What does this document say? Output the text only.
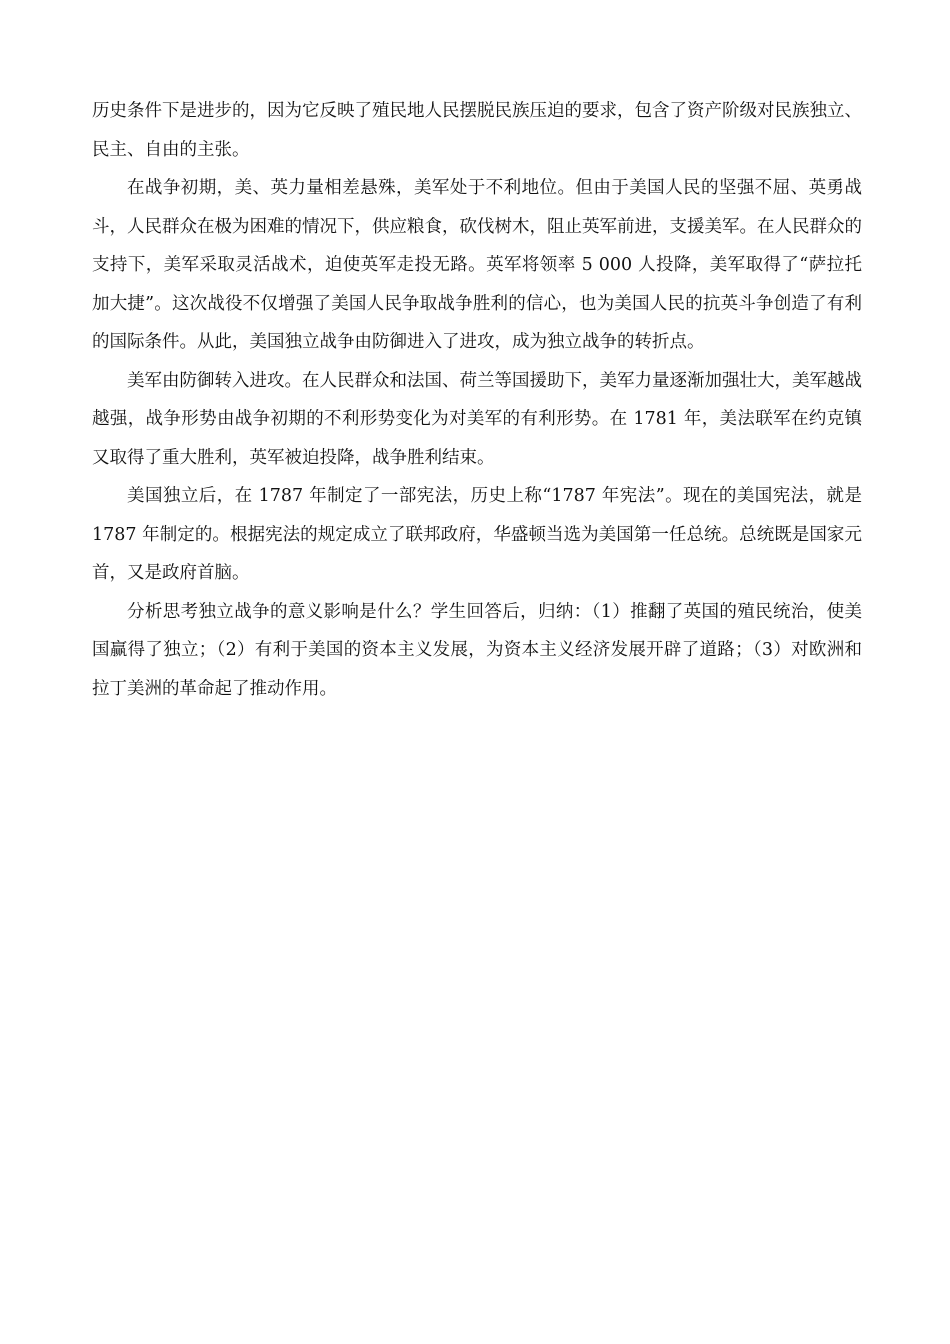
历史条件下是进步的，因为它反映了殖民地人民摆脱民族压迫的要求，包含了资产阶级对民族独立、民主、自由的主张。

在战争初期，美、英力量相差悬殊，美军处于不利地位。但由于美国人民的坚强不屈、英勇战斗，人民群众在极为困难的情况下，供应粮食，砍伐树木，阻止英军前进，支援美军。在人民群众的支持下，美军采取灵活战术，迫使英军走投无路。英军将领率 5 000 人投降，美军取得了“萨拉托加大捷”。这次战役不仅增强了美国人民争取战争胜利的信心，也为美国人民的抗英斗争创造了有利的国际条件。从此，美国独立战争由防御进入了进攻，成为独立战争的转折点。

美军由防御转入进攻。在人民群众和法国、荷兰等国援助下，美军力量逐渐加强壮大，美军越战越强，战争形势由战争初期的不利形势变化为对美军的有利形势。在 1781 年，美法联军在约克镇又取得了重大胜利，英军被迫投降，战争胜利结束。

美国独立后，在 1787 年制定了一部宪法，历史上称“1787 年宪法”。现在的美国宪法，就是 1787 年制定的。根据宪法的规定成立了联邦政府，华盛顿当选为美国第一任总统。总统既是国家元首，又是政府首脑。

分析思考独立战争的意义影响是什么？学生回答后，归纳：（1）推翻了英国的殖民统治，使美国赢得了独立；（2）有利于美国的资本主义发展，为资本主义经济发展开辟了道路；（3）对欧洲和拉丁美洲的革命起了推动作用。
